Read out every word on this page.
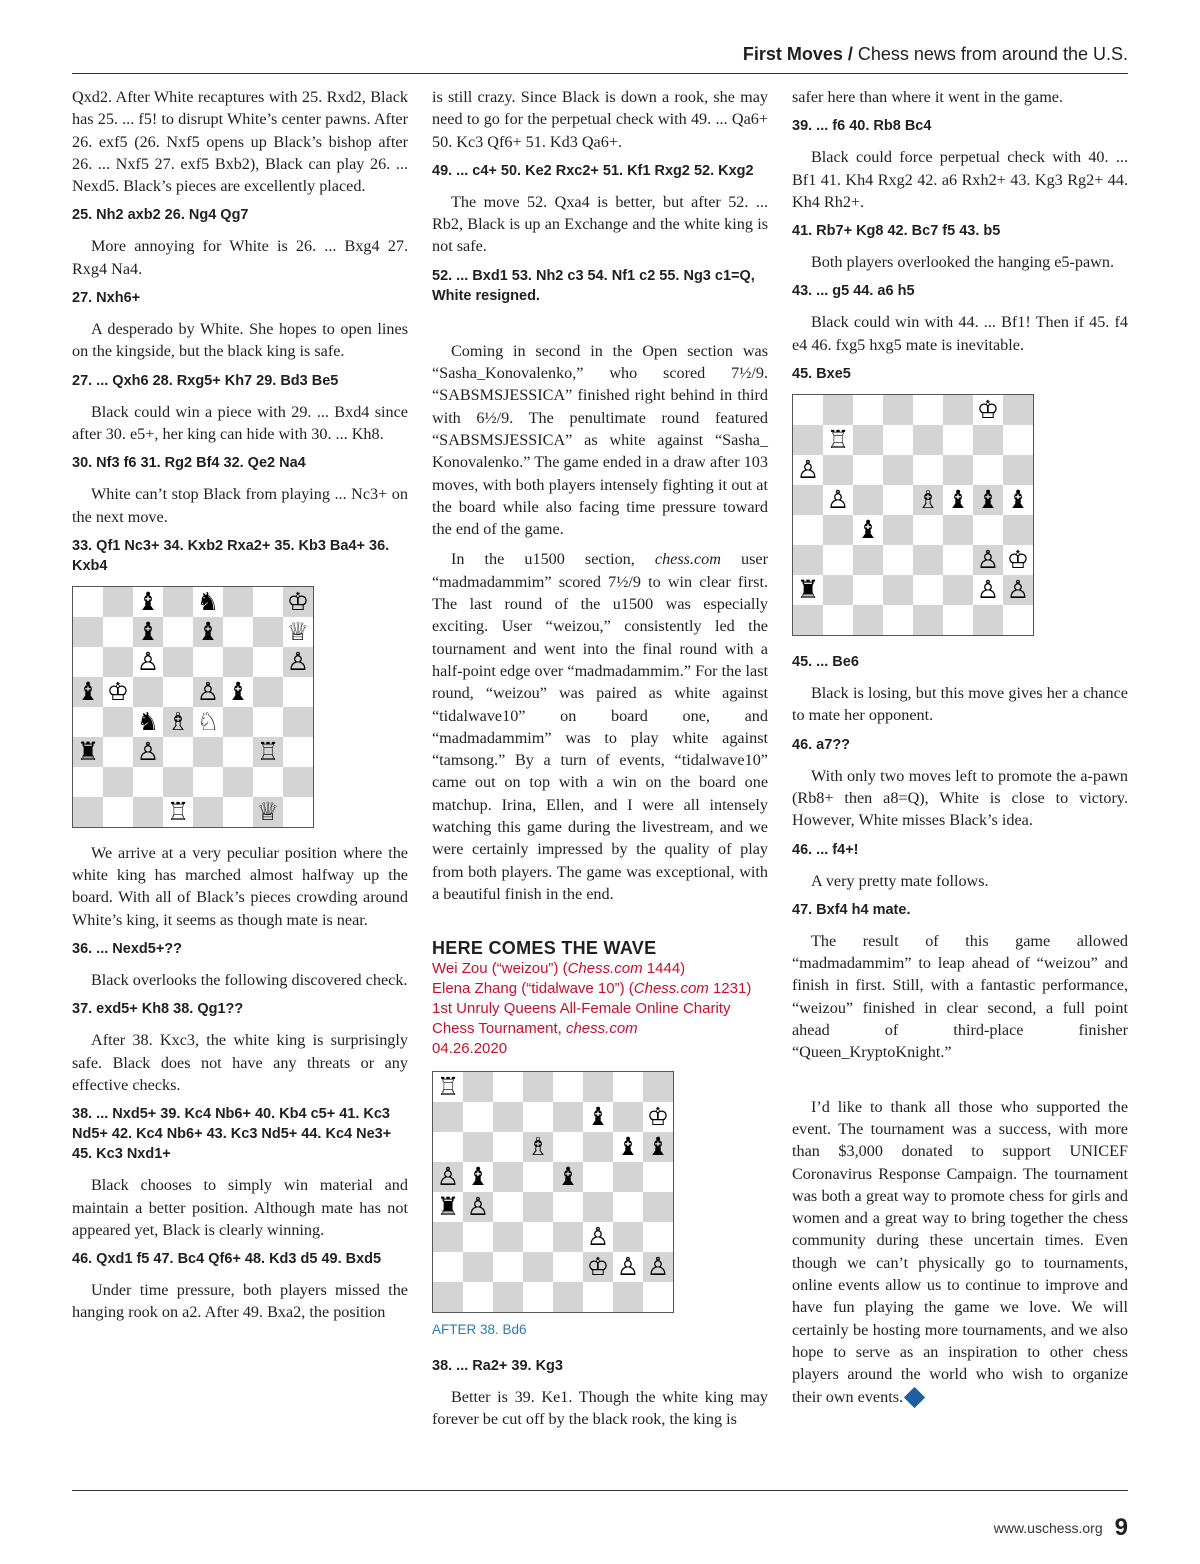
First Moves / Chess news from around the U.S.

Qxd2. After White recaptures with 25. Rxd2, Black has 25. ... f5! to disrupt White’s center pawns. After 26. exf5 (26. Nxf5 opens up Black’s bishop after 26. ... Nxf5 27. exf5 Bxb2), Black can play 26. ... Nexd5. Black’s pieces are excellently placed.

25. Nh2 axb2 26. Ng4 Qg7

More annoying for White is 26. ... Bxg4 27. Rxg4 Na4.

27. Nxh6+

A desperado by White. She hopes to open lines on the kingside, but the black king is safe.

27. ... Qxh6 28. Rxg5+ Kh7 29. Bd3 Be5

Black could win a piece with 29. ... Bxd4 since after 30. e5+, her king can hide with 30. ... Kh8.

30. Nf3 f6 31. Rg2 Bf4 32. Qe2 Na4

White can’t stop Black from playing ... Nc3+ on the next move.

33. Qf1 Nc3+ 34. Kxb2 Rxa2+ 35. Kb3 Ba4+ 36. Kxb4
♝ ♞	♔
♝ ♝	♕
♙	♙
♝ ♔	♙ ♝
♞ ♗ ♘
♜ ♙	♖
♖	♕

We arrive at a very peculiar position where the white king has marched almost halfway up the board. With all of Black’s pieces crowding around White’s king, it seems as though mate is near.

36. ... Nexd5+??

Black overlooks the following discovered check.

37. exd5+ Kh8 38. Qg1??

After 38. Kxc3, the white king is surprisingly safe. Black does not have any threats or any effective checks.

38. ... Nxd5+ 39. Kc4 Nb6+ 40. Kb4 c5+ 41. Kc3 Nd5+ 42. Kc4 Nb6+ 43. Kc3 Nd5+ 44. Kc4 Ne3+ 45. Kc3 Nxd1+

Black chooses to simply win material and maintain a better position. Although mate has not appeared yet, Black is clearly winning.

46. Qxd1 f5 47. Bc4 Qf6+ 48. Kd3 d5 49. Bxd5

Under time pressure, both players missed the hanging rook on a2. After 49. Bxa2, the position

is still crazy. Since Black is down a rook, she may need to go for the perpetual check with 49. ... Qa6+ 50. Kc3 Qf6+ 51. Kd3 Qa6+.

49. ... c4+ 50. Ke2 Rxc2+ 51. Kf1 Rxg2 52. Kxg2

The move 52. Qxa4 is better, but after 52. ... Rb2, Black is up an Exchange and the white king is not safe.

52. ... Bxd1 53. Nh2 c3 54. Nf1 c2 55. Ng3 c1=Q, White resigned.

Coming in second in the Open section was “Sasha_Konovalenko,” who scored 7½/9. “SABSMSJESSICA” finished right behind in third with 6½/9. The penultimate round featured “SABSMSJESSICA” as white against “Sasha_ Konovalenko.” The game ended in a draw after 103 moves, with both players intensely fighting it out at the board while also facing time pressure toward the end of the game.

In the u1500 section, chess.com user “madmadammim” scored 7½/9 to win clear first. The last round of the u1500 was especially exciting. User “weizou,” consistently led the tournament and went into the final round with a half-point edge over “madmadammim.” For the last round, “weizou” was paired as white against “tidalwave10” on board one, and “madmadammim” was to play white against “tamsong.” By a turn of events, “tidalwave10” came out on top with a win on the board one matchup. Irina, Ellen, and I were all intensely watching this game during the livestream, and we were certainly impressed by the quality of play from both players. The game was exceptional, with a beautiful finish in the end.

HERE COMES THE WAVE
Wei Zou (“weizou”) (Chess.com 1444)
Elena Zhang (“tidalwave 10”) (Chess.com 1231)
1st Unruly Queens All-Female Online Charity Chess Tournament, chess.com
04.26.2020
♖
♝ ♔
♗	♝ ♝
♙ ♝	♝
♜ ♙
♙
♔ ♙ ♙
AFTER 38. Bd6
38. ... Ra2+ 39. Kg3

Better is 39. Ke1. Though the white king may forever be cut off by the black rook, the king is

safer here than where it went in the game.

39. ... f6 40. Rb8 Bc4

Black could force perpetual check with 40. ... Bf1 41. Kh4 Rxg2 42. a6 Rxh2+ 43. Kg3 Rg2+ 44. Kh4 Rh2+.

41. Rb7+ Kg8 42. Bc7 f5 43. b5

Both players overlooked the hanging e5-pawn.

43. ... g5 44. a6 h5

Black could win with 44. ... Bf1! Then if 45. f4 e4 46. fxg5 hxg5 mate is inevitable.

45. Bxe5
♔
♖
♙
♙	♗ ♝ ♝ ♝
♝
♙ ♔
♜	♙ ♙
45. ... Be6

Black is losing, but this move gives her a chance to mate her opponent.

46. a7??

With only two moves left to promote the a-pawn (Rb8+ then a8=Q), White is close to victory. However, White misses Black’s idea.

46. ... f4+!

A very pretty mate follows.

47. Bxf4 h4 mate.

The result of this game allowed “madmadammim” to leap ahead of “weizou” and finish in first. Still, with a fantastic performance, “weizou” finished in clear second, a full point ahead of third-place finisher “Queen_KryptoKnight.”

I’d like to thank all those who supported the event. The tournament was a success, with more than $3,000 donated to support UNICEF Coronavirus Response Campaign. The tournament was both a great way to promote chess for girls and women and a great way to bring together the chess community during these uncertain times. Even though we can’t physically go to tournaments, online events allow us to continue to improve and have fun playing the game we love. We will certainly be hosting more tournaments, and we also hope to serve as an inspiration to other chess players around the world who wish to organize their own events.

www.uschess.org 9
